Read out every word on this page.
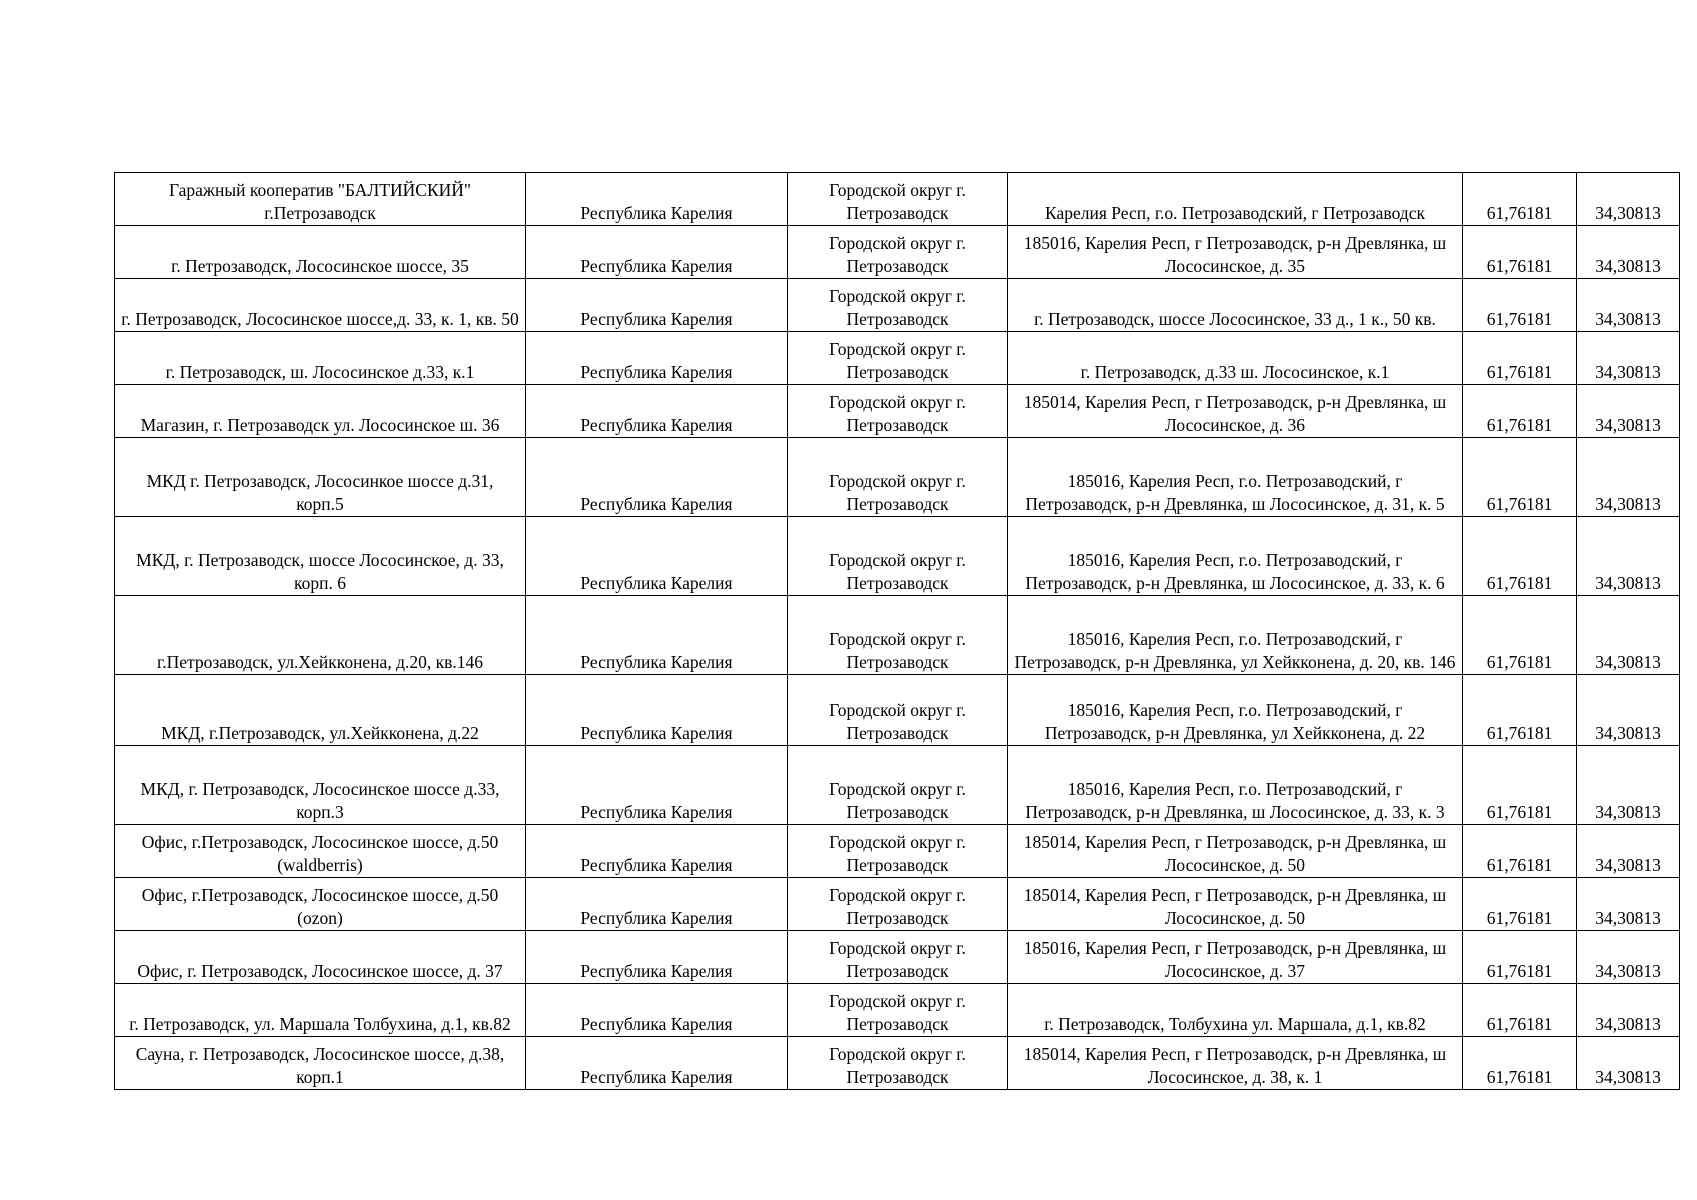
Гаражный кооператив "БАЛТИЙСКИЙ" г.Петрозаводск	Республика Карелия	Городской округ г. Петрозаводск	Карелия Респ, г.о. Петрозаводский, г Петрозаводск	61,76181	34,30813
г. Петрозаводск, Лососинское шоссе, 35	Республика Карелия	Городской округ г. Петрозаводск	185016, Карелия Респ, г Петрозаводск, р-н Древлянка, ш Лососинское, д. 35	61,76181	34,30813
г. Петрозаводск, Лососинское шоссе,д. 33, к. 1, кв. 50	Республика Карелия	Городской округ г. Петрозаводск	г. Петрозаводск, шоссе Лососинское, 33 д., 1 к., 50 кв.	61,76181	34,30813
г. Петрозаводск, ш. Лососинское д.33, к.1	Республика Карелия	Городской округ г. Петрозаводск	г. Петрозаводск, д.33 ш. Лососинское, к.1	61,76181	34,30813
Магазин, г. Петрозаводск ул. Лососинское ш. 36	Республика Карелия	Городской округ г. Петрозаводск	185014, Карелия Респ, г Петрозаводск, р-н Древлянка, ш Лососинское, д. 36	61,76181	34,30813
МКД г. Петрозаводск, Лососинкое шоссе д.31, корп.5	Республика Карелия	Городской округ г. Петрозаводск	185016, Карелия Респ, г.о. Петрозаводский, г Петрозаводск, р-н Древлянка, ш Лососинское, д. 31, к. 5	61,76181	34,30813
МКД, г. Петрозаводск, шоссе Лососинское, д. 33, корп. 6	Республика Карелия	Городской округ г. Петрозаводск	185016, Карелия Респ, г.о. Петрозаводский, г Петрозаводск, р-н Древлянка, ш Лососинское, д. 33, к. 6	61,76181	34,30813
г.Петрозаводск, ул.Хейкконена, д.20, кв.146	Республика Карелия	Городской округ г. Петрозаводск	185016, Карелия Респ, г.о. Петрозаводский, г Петрозаводск, р-н Древлянка, ул Хейкконена, д. 20, кв. 146	61,76181	34,30813
МКД, г.Петрозаводск, ул.Хейкконена, д.22	Республика Карелия	Городской округ г. Петрозаводск	185016, Карелия Респ, г.о. Петрозаводский, г Петрозаводск, р-н Древлянка, ул Хейкконена, д. 22	61,76181	34,30813
МКД, г. Петрозаводск, Лососинское шоссе д.33, корп.3	Республика Карелия	Городской округ г. Петрозаводск	185016, Карелия Респ, г.о. Петрозаводский, г Петрозаводск, р-н Древлянка, ш Лососинское, д. 33, к. 3	61,76181	34,30813
Офис, г.Петрозаводск, Лососинское шоссе, д.50 (waldberris)	Республика Карелия	Городской округ г. Петрозаводск	185014, Карелия Респ, г Петрозаводск, р-н Древлянка, ш Лососинское, д. 50	61,76181	34,30813
Офис, г.Петрозаводск, Лососинское шоссе, д.50 (ozon)	Республика Карелия	Городской округ г. Петрозаводск	185014, Карелия Респ, г Петрозаводск, р-н Древлянка, ш Лососинское, д. 50	61,76181	34,30813
Офис, г. Петрозаводск, Лососинское шоссе, д. 37	Республика Карелия	Городской округ г. Петрозаводск	185016, Карелия Респ, г Петрозаводск, р-н Древлянка, ш Лососинское, д. 37	61,76181	34,30813
г. Петрозаводск, ул. Маршала Толбухина, д.1, кв.82	Республика Карелия	Городской округ г. Петрозаводск	г. Петрозаводск, Толбухина ул. Маршала, д.1, кв.82	61,76181	34,30813
Сауна, г. Петрозаводск, Лососинское шоссе, д.38, корп.1	Республика Карелия	Городской округ г. Петрозаводск	185014, Карелия Респ, г Петрозаводск, р-н Древлянка, ш Лососинское, д. 38, к. 1	61,76181	34,30813
